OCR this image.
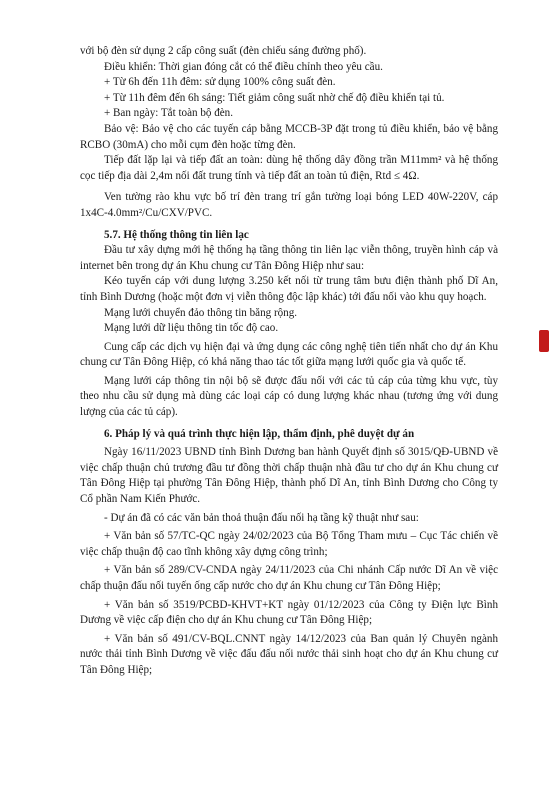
với bộ đèn sử dụng 2 cấp công suất (đèn chiếu sáng đường phố).

Điều khiển: Thời gian đóng cắt có thể điều chỉnh theo yêu cầu.

+ Từ 6h đến 11h đêm: sử dụng 100% công suất đèn.

+ Từ 11h đêm đến 6h sáng: Tiết giảm công suất nhờ chế độ điều khiển tại tủ.

+ Ban ngày: Tắt toàn bộ đèn.

Bảo vệ: Bảo vệ cho các tuyến cáp bằng MCCB-3P đặt trong tủ điều khiển, bảo vệ bằng RCBO (30mA) cho mỗi cụm đèn hoặc từng đèn.

Tiếp đất lặp lại và tiếp đất an toàn: dùng hệ thống dây đồng trần M11mm² và hệ thống cọc tiếp địa dài 2,4m nối đất trung tính và tiếp đất an toàn tủ điện, Rtd ≤ 4Ω.

Ven tường rào khu vực bố trí đèn trang trí gắn tường loại bóng LED 40W-220V, cáp 1x4C-4.0mm²/Cu/CXV/PVC.

5.7. Hệ thống thông tin liên lạc

Đầu tư xây dựng mới hệ thống hạ tầng thông tin liên lạc viễn thông, truyền hình cáp và internet bên trong dự án Khu chung cư Tân Đông Hiệp như sau:

Kéo tuyến cáp với dung lượng 3.250 kết nối từ trung tâm bưu điện thành phố Dĩ An, tỉnh Bình Dương (hoặc một đơn vị viễn thông độc lập khác) tới đấu nối vào khu quy hoạch.

Mạng lưới chuyển đảo thông tin băng rộng.

Mạng lưới dữ liệu thông tin tốc độ cao.

Cung cấp các dịch vụ hiện đại và ứng dụng các công nghệ tiên tiến nhất cho dự án Khu chung cư Tân Đông Hiệp, có khả năng thao tác tốt giữa mạng lưới quốc gia và quốc tế.

Mạng lưới cáp thông tin nội bộ sẽ được đấu nối với các tủ cáp của từng khu vực, tùy theo nhu cầu sử dụng mà dùng các loại cáp có dung lượng khác nhau (tương ứng với dung lượng của các tủ cáp).

6. Pháp lý và quá trình thực hiện lập, thẩm định, phê duyệt dự án

Ngày 16/11/2023 UBND tỉnh Bình Dương ban hành Quyết định số 3015/QĐ-UBND về việc chấp thuận chủ trương đầu tư đồng thời chấp thuận nhà đầu tư cho dự án Khu chung cư Tân Đông Hiệp tại phường Tân Đông Hiệp, thành phố Dĩ An, tỉnh Bình Dương cho Công ty Cổ phần Nam Kiến Phước.

- Dự án đã có các văn bản thoả thuận đấu nối hạ tầng kỹ thuật như sau:

+ Văn bản số 57/TC-QC ngày 24/02/2023 của Bộ Tổng Tham mưu – Cục Tác chiến về việc chấp thuận độ cao tĩnh không xây dựng công trình;

+ Văn bản số 289/CV-CNDA ngày 24/11/2023 của Chi nhánh Cấp nước Dĩ An về việc chấp thuận đấu nối tuyến ống cấp nước cho dự án Khu chung cư Tân Đông Hiệp;

+ Văn bản số 3519/PCBD-KHVT+KT ngày 01/12/2023 của Công ty Điện lực Bình Dương về việc cấp điện cho dự án Khu chung cư Tân Đông Hiệp;

+ Văn bản số 491/CV-BQL.CNNT ngày 14/12/2023 của Ban quản lý Chuyên ngành nước thải tỉnh Bình Dương về việc đấu đấu nối nước thải sinh hoạt cho dự án Khu chung cư Tân Đông Hiệp;
